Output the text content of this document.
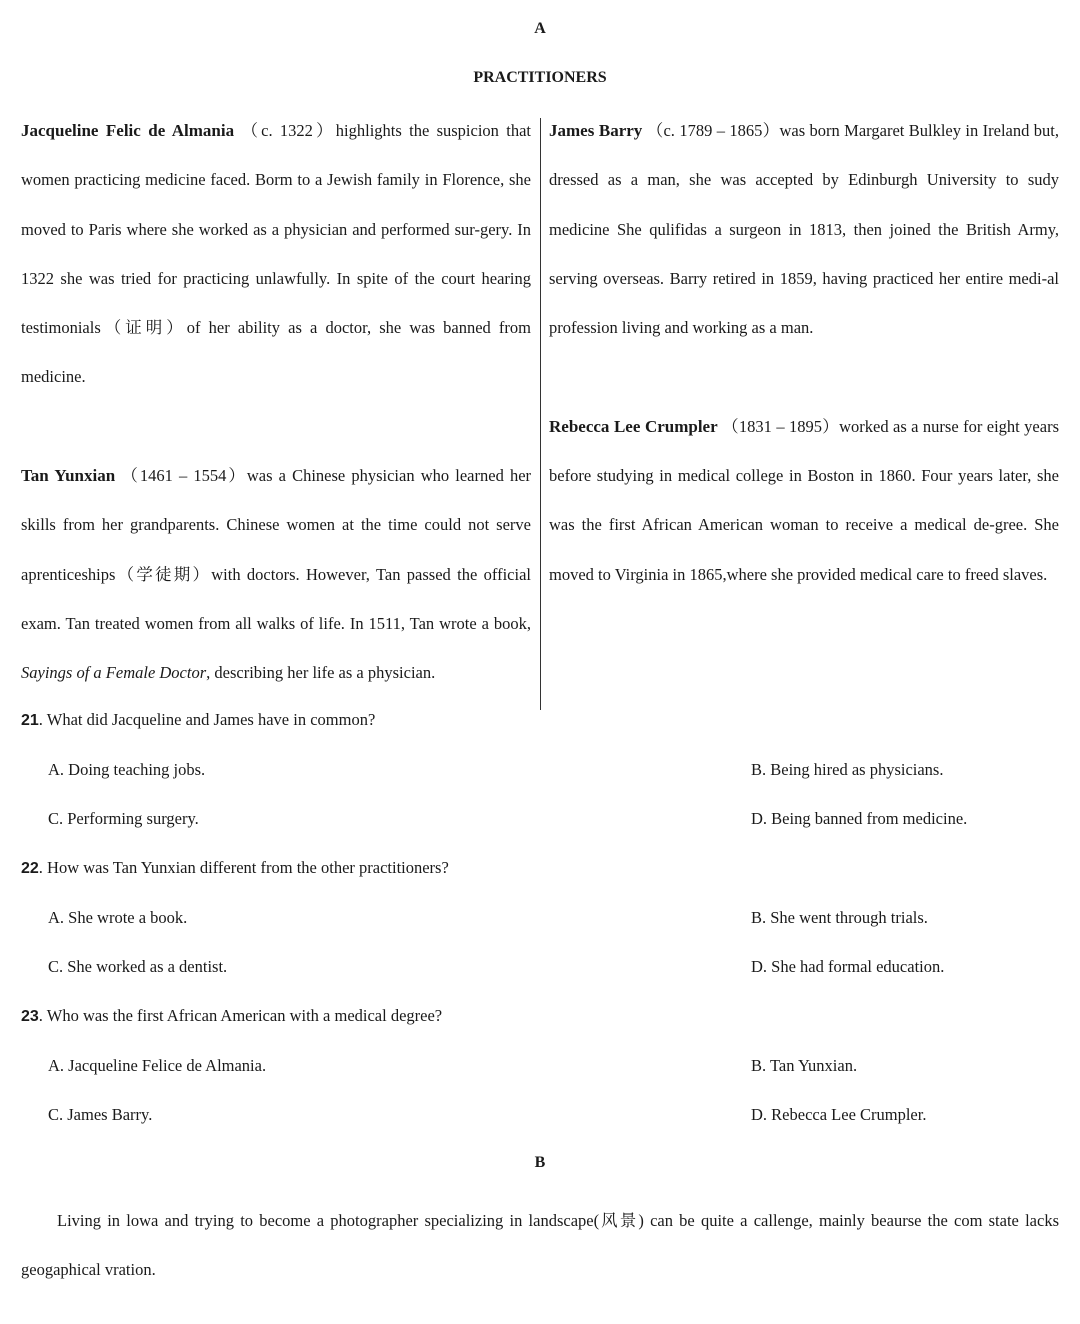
A
PRACTITIONERS

Jacqueline Felic de Almania （c. 1322）highlights the suspicion that women practicing medicine faced. Borm to a Jewish family in Florence, she moved to Paris where she worked as a physician and performed sur-gery. In 1322 she was tried for practicing unlawfully. In spite of the court hearing testimonials（证明）of her ability as a doctor, she was banned from medicine.

Tan Yunxian （1461 – 1554）was a Chinese physician who learned her skills from her grandparents. Chinese women at the time could not serve aprenticeships（学徒期）with doctors. However, Tan passed the official exam. Tan treated women from all walks of life. In 1511, Tan wrote a book, Sayings of a Female Doctor, describing her life as a physician.

James Barry （c. 1789 – 1865）was born Margaret Bulkley in Ireland but, dressed as a man, she was accepted by Edinburgh University to sudy medicine She qulifidas a surgeon in 1813, then joined the British Army, serving overseas. Barry retired in 1859, having practiced her entire medi-al profession living and working as a man.

Rebecca Lee Crumpler （1831 – 1895）worked as a nurse for eight years before studying in medical college in Boston in 1860. Four years later, she was the first African American woman to receive a medical de-gree. She moved to Virginia in 1865,where she provided medical care to freed slaves.

21. What did Jacqueline and James have in common?
A. Doing teaching jobs.	B. Being hired as physicians.
C. Performing surgery.	D. Being banned from medicine.
22. How was Tan Yunxian different from the other practitioners?
A. She wrote a book.	B. She went through trials.
C. She worked as a dentist.	D. She had formal education.
23. Who was the first African American with a medical degree?
A. Jacqueline Felice de Almania.	B. Tan Yunxian.
C. James Barry.	D. Rebecca Lee Crumpler.
B

Living in lowa and trying to become a photographer specializing in landscape(风景) can be quite a callenge, mainly beaurse the com state lacks geogaphical vration.
